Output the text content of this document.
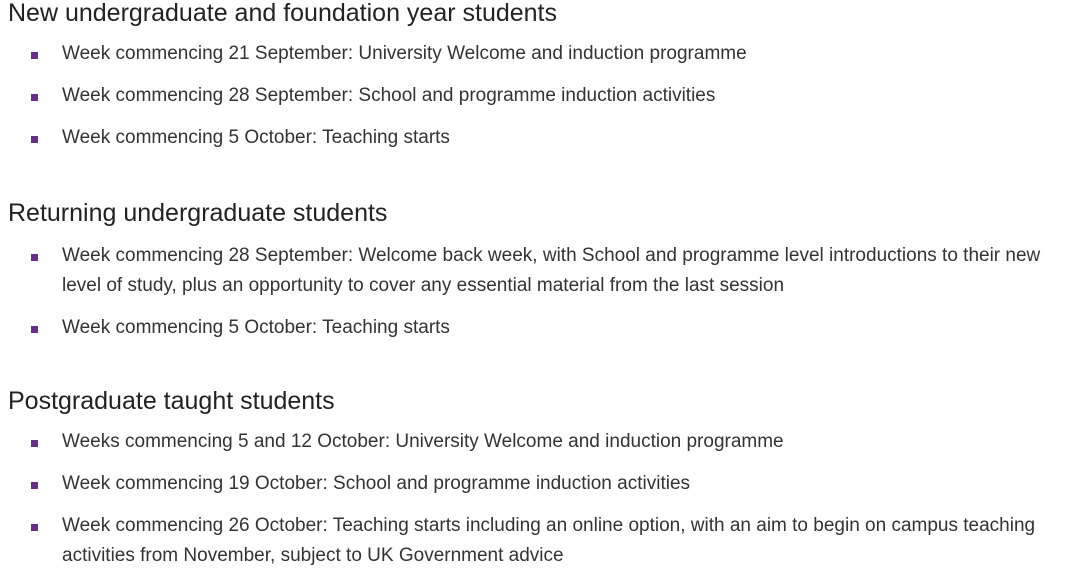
New undergraduate and foundation year students
Week commencing 21 September: University Welcome and induction programme
Week commencing 28 September: School and programme induction activities
Week commencing 5 October: Teaching starts
Returning undergraduate students
Week commencing 28 September: Welcome back week, with School and programme level introductions to their new level of study, plus an opportunity to cover any essential material from the last session
Week commencing 5 October: Teaching starts
Postgraduate taught students
Weeks commencing 5 and 12 October: University Welcome and induction programme
Week commencing 19 October: School and programme induction activities
Week commencing 26 October: Teaching starts including an online option, with an aim to begin on campus teaching activities from November, subject to UK Government advice
